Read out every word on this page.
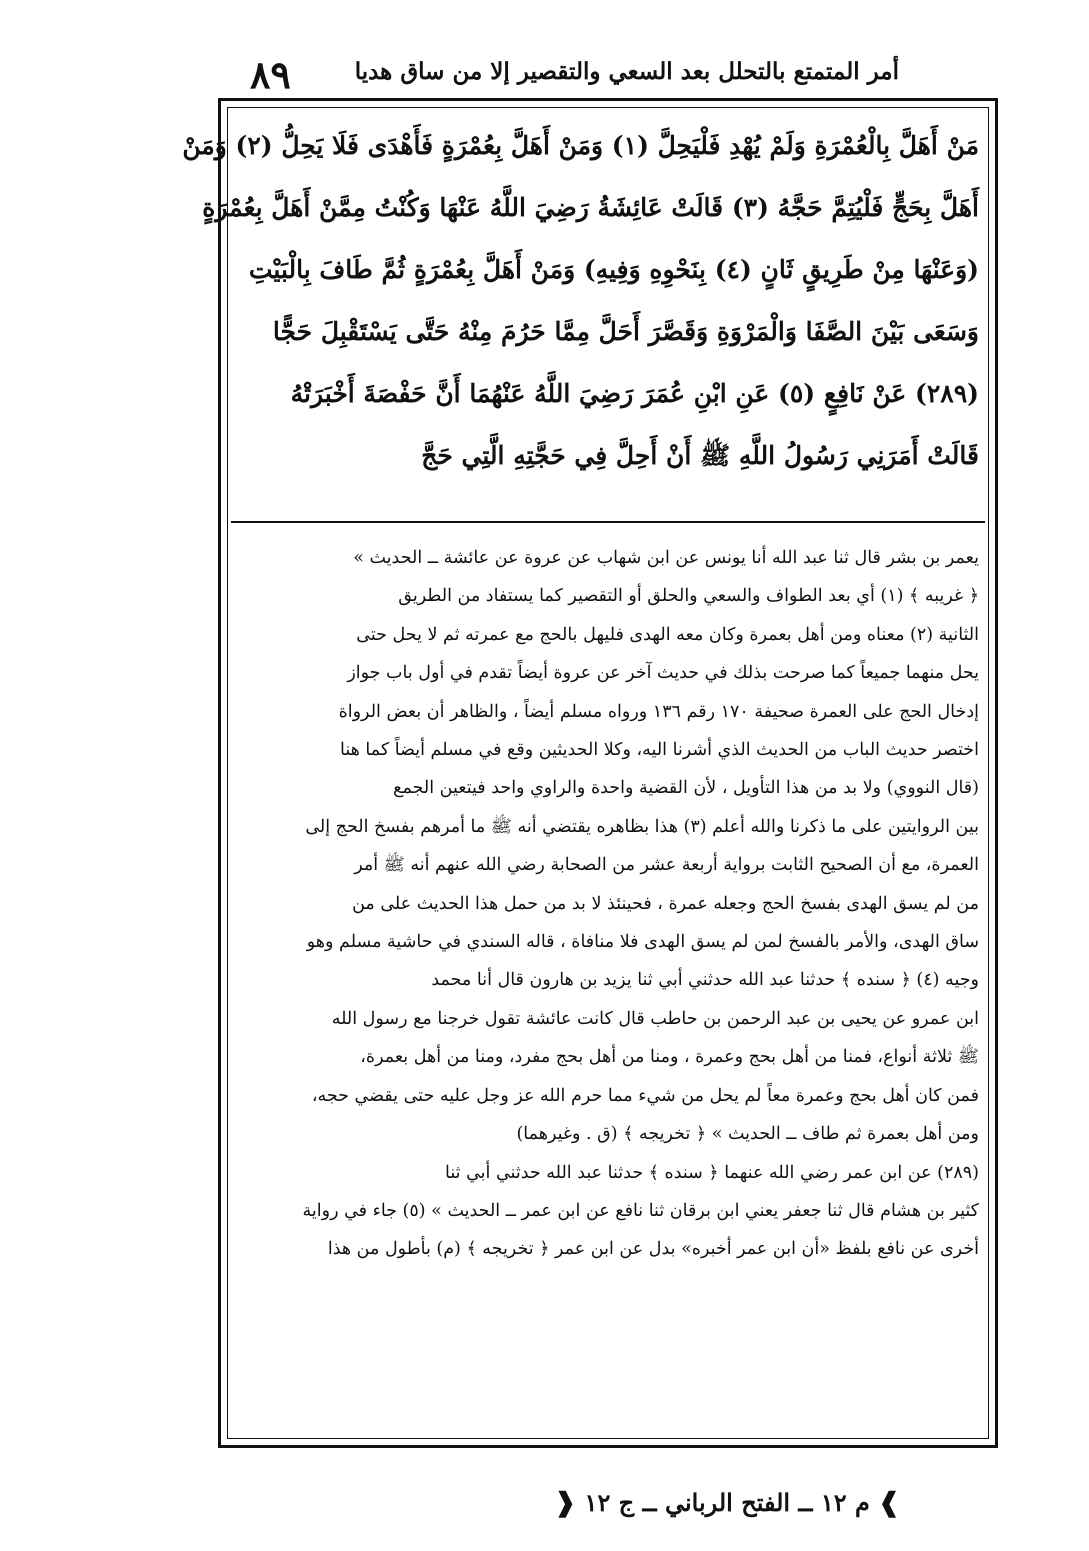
٨٩	أمر المتمتع بالتحلل بعد السعي والتقصير إلا من ساق هديا

مَنْ أَهَلَّ بِالْعُمْرَةِ وَلَمْ يُهْدِ فَلْيَحِلَّ (١) وَمَنْ أَهَلَّ بِعُمْرَةٍ فَأَهْدَى فَلَا يَحِلُّ (٢) وَمَنْ

أَهَلَّ بِحَجٍّ فَلْيُتِمَّ حَجَّهُ (٣) قَالَتْ عَائِشَةُ رَضِيَ اللَّهُ عَنْهَا وَكُنْتُ مِمَّنْ أَهَلَّ بِعُمْرَةٍ

(وَعَنْهَا مِنْ طَرِيقٍ ثَانٍ (٤) بِنَحْوِهِ وَفِيهِ) وَمَنْ أَهَلَّ بِعُمْرَةٍ ثُمَّ طَافَ بِالْبَيْتِ

وَسَعَى بَيْنَ الصَّفَا وَالْمَرْوَةِ وَقَصَّرَ أَحَلَّ مِمَّا حَرُمَ مِنْهُ حَتَّى يَسْتَقْبِلَ حَجًّا

(٢٨٩) عَنْ نَافِعٍ (٥) عَنِ ابْنِ عُمَرَ رَضِيَ اللَّهُ عَنْهُمَا أَنَّ حَفْصَةَ أَخْبَرَتْهُ

قَالَتْ أَمَرَنِي رَسُولُ اللَّهِ ﷺ أَنْ أَحِلَّ فِي حَجَّتِهِ الَّتِي حَجَّ

يعمر بن بشر قال ثنا عبد الله أنا يونس عن ابن شهاب عن عروة عن عائشة ــ الحديث »

﴿ غريبه ﴾ (١) أي بعد الطواف والسعي والحلق أو التقصير كما يستفاد من الطريق

الثانية (٢) معناه ومن أهل بعمرة وكان معه الهدى فليهل بالحج مع عمرته ثم لا يحل حتى

يحل منهما جميعاً كما صرحت بذلك في حديث آخر عن عروة أيضاً تقدم في أول باب جواز

إدخال الحج على العمرة صحيفة ١٧٠ رقم ١٣٦ ورواه مسلم أيضاً ، والظاهر أن بعض الرواة

اختصر حديث الباب من الحديث الذي أشرنا اليه، وكلا الحديثين وقع في مسلم أيضاً كما هنا

(قال النووي) ولا بد من هذا التأويل ، لأن القضية واحدة والراوي واحد فيتعين الجمع

بين الروايتين على ما ذكرنا والله أعلم (٣) هذا بظاهره يقتضي أنه ﷺ ما أمرهم بفسخ الحج إلى

العمرة، مع أن الصحيح الثابت برواية أربعة عشر من الصحابة رضي الله عنهم أنه ﷺ أمر

من لم يسق الهدى بفسخ الحج وجعله عمرة ، فحينئذ لا بد من حمل هذا الحديث على من

ساق الهدى، والأمر بالفسخ لمن لم يسق الهدى فلا منافاة ، قاله السندي في حاشية مسلم وهو

وجيه (٤) ﴿ سنده ﴾ حدثنا عبد الله حدثني أبي ثنا يزيد بن هارون قال أنا محمد

ابن عمرو عن يحيى بن عبد الرحمن بن حاطب قال كانت عائشة تقول خرجنا مع رسول الله

ﷺ ثلاثة أنواع، فمنا من أهل بحج وعمرة ، ومنا من أهل بحج مفرد، ومنا من أهل بعمرة،

فمن كان أهل بحج وعمرة معاً لم يحل من شيء مما حرم الله عز وجل عليه حتى يقضي حجه،

ومن أهل بعمرة ثم طاف ــ الحديث » ﴿ تخريجه ﴾ (ق . وغيرهما)

(٢٨٩) عن ابن عمر رضي الله عنهما ﴿ سنده ﴾ حدثنا عبد الله حدثني أبي ثنا

كثير بن هشام قال ثنا جعفر يعني ابن برقان ثنا نافع عن ابن عمر ــ الحديث » (٥) جاء في رواية

أخرى عن نافع بلفظ «أن ابن عمر أخبره» بدل عن ابن عمر ﴿ تخريجه ﴾ (م) بأطول من هذا

❱ م ١٢ ــ الفتح الرباني ــ ج ١٢ ❰
